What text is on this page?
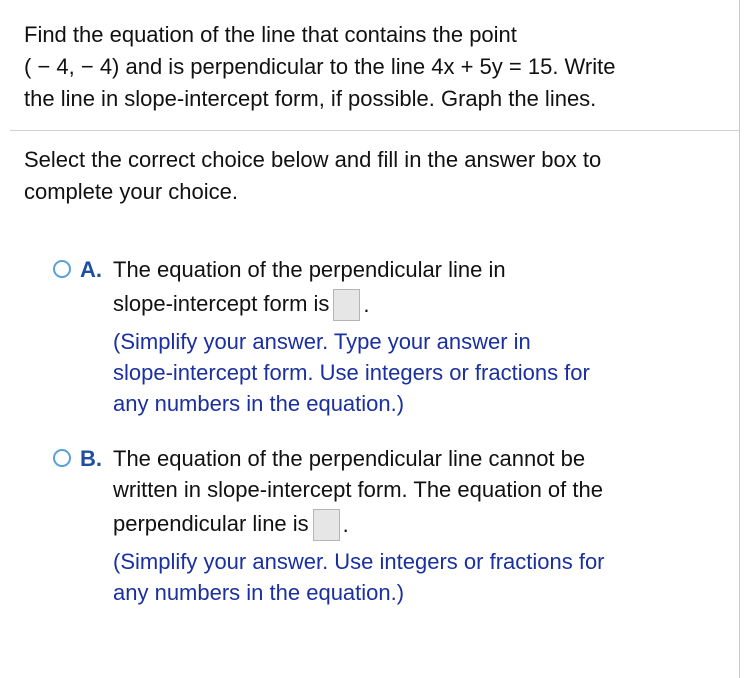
Find the equation of the line that contains the point
( − 4, − 4) and is perpendicular to the line 4x + 5y = 15. Write
the line in slope-intercept form, if possible. Graph the lines.
Select the correct choice below and fill in the answer box to
complete your choice.
A. The equation of the perpendicular line in
slope-intercept form is .
(Simplify your answer. Type your answer in
slope-intercept form. Use integers or fractions for
any numbers in the equation.)
B. The equation of the perpendicular line cannot be
written in slope-intercept form. The equation of the
perpendicular line is .
(Simplify your answer. Use integers or fractions for
any numbers in the equation.)
